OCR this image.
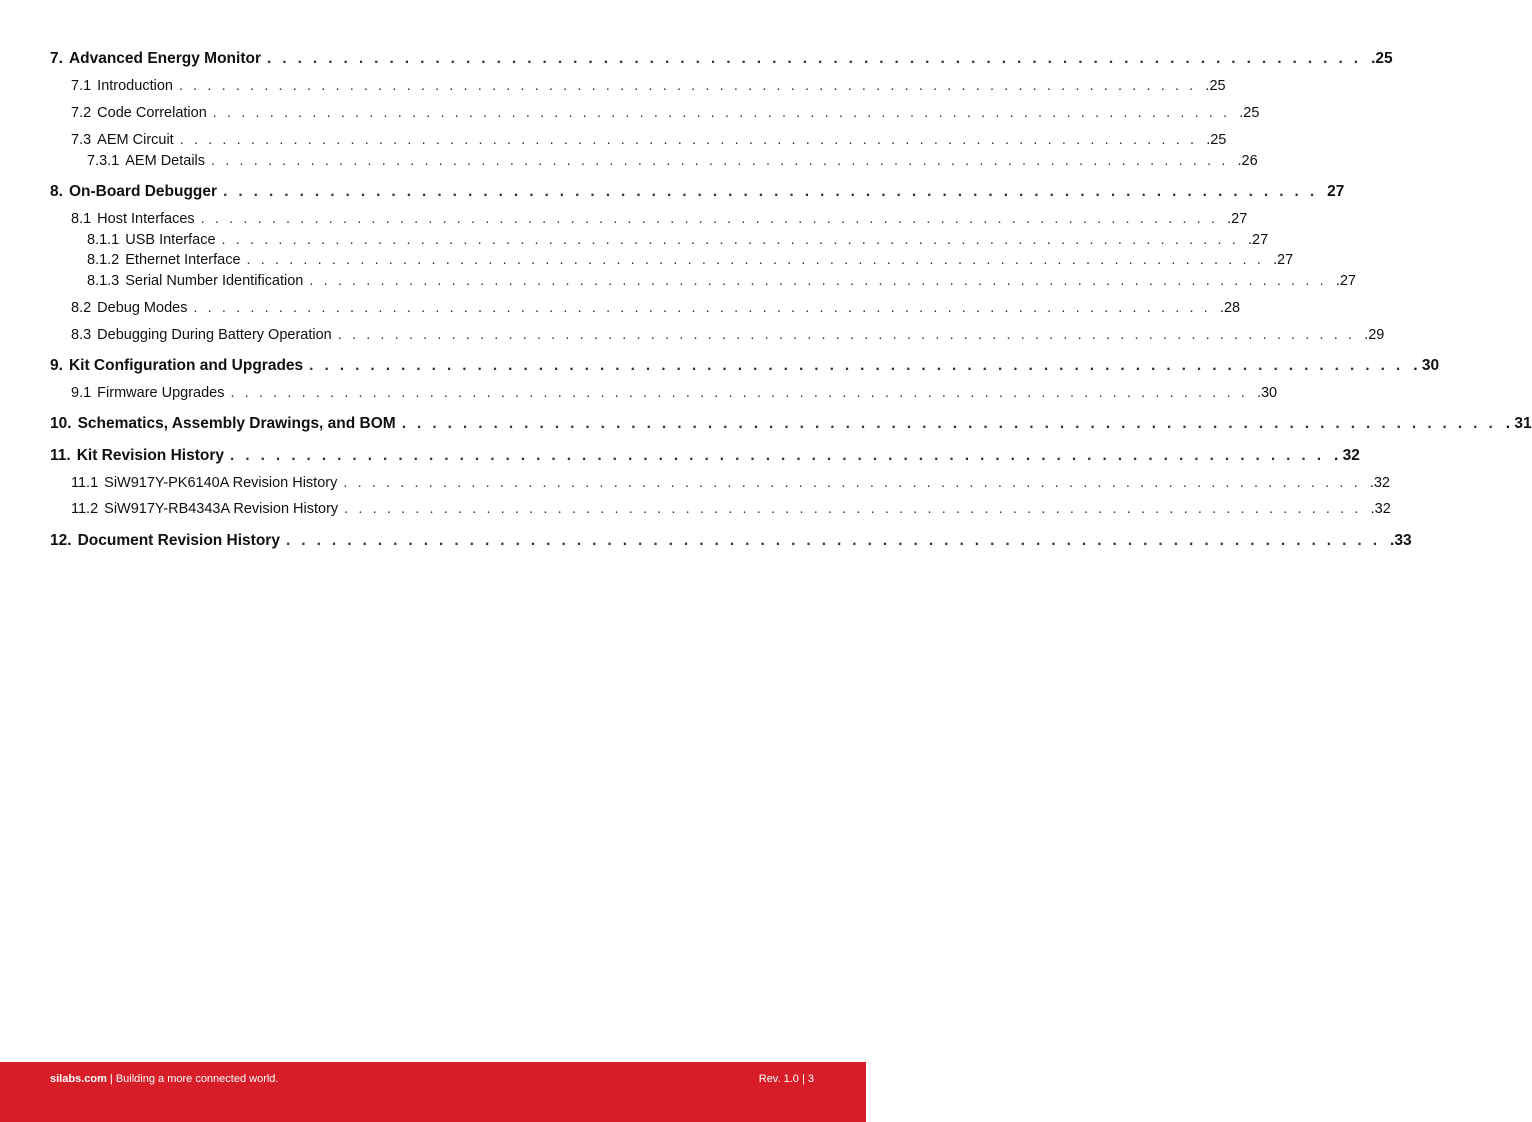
7. Advanced Energy Monitor ........................................................................ .25
7.1 Introduction ........................................................................ .25
7.2 Code Correlation ........................................................................ .25
7.3 AEM Circuit ........................................................................ .25
7.3.1 AEM Details ........................................................................ .26
8. On-Board Debugger ........................................................................ 27
8.1 Host Interfaces ........................................................................ .27
8.1.1 USB Interface ........................................................................ .27
8.1.2 Ethernet Interface ........................................................................ .27
8.1.3 Serial Number Identification ........................................................................ .27
8.2 Debug Modes ........................................................................ .28
8.3 Debugging During Battery Operation ........................................................................ .29
9. Kit Configuration and Upgrades ........................................................................ . 30
9.1 Firmware Upgrades ........................................................................ .30
10. Schematics, Assembly Drawings, and BOM ........................................................................ . 31
11. Kit Revision History ........................................................................ . 32
11.1 SiW917Y-PK6140A Revision History ........................................................................ .32
11.2 SiW917Y-RB4343A Revision History ........................................................................ .32
12. Document Revision History ........................................................................ .33
silabs.com | Building a more connected world.	Rev. 1.0 | 3
